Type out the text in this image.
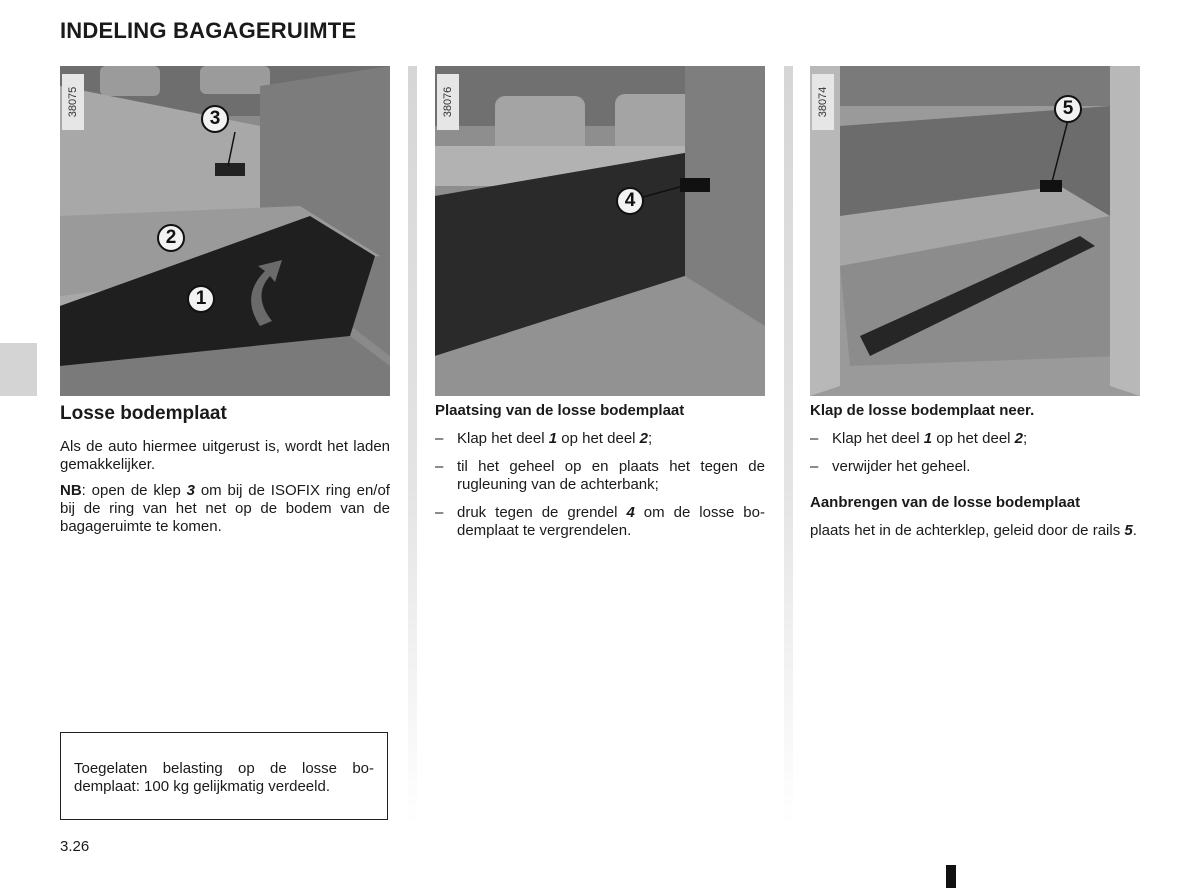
INDELING BAGAGERUIMTE
38075
3
2
1
38076
4
38074	5
Losse bodemplaat

Als de auto hiermee uitgerust is, wordt het laden gemakkelijker.

NB: open de klep 3 om bij de ISOFIX ring en/of bij de ring van het net op de bodem van de bagageruimte te komen.

Toegelaten belasting op de losse bo- demplaat: 100 kg gelijkmatig verdeeld.
Plaatsing van de losse bodemplaat
– Klap het deel 1 op het deel 2;
– til het geheel op en plaats het tegen de rugleuning van de achterbank;
– druk tegen de grendel 4 om de losse bo- demplaat te vergrendelen.
Klap de losse bodemplaat neer.
– Klap het deel 1 op het deel 2;
– verwijder het geheel.
Aanbrengen van de losse bodemplaat

plaats het in de achterklep, geleid door de rails 5.

3.26
